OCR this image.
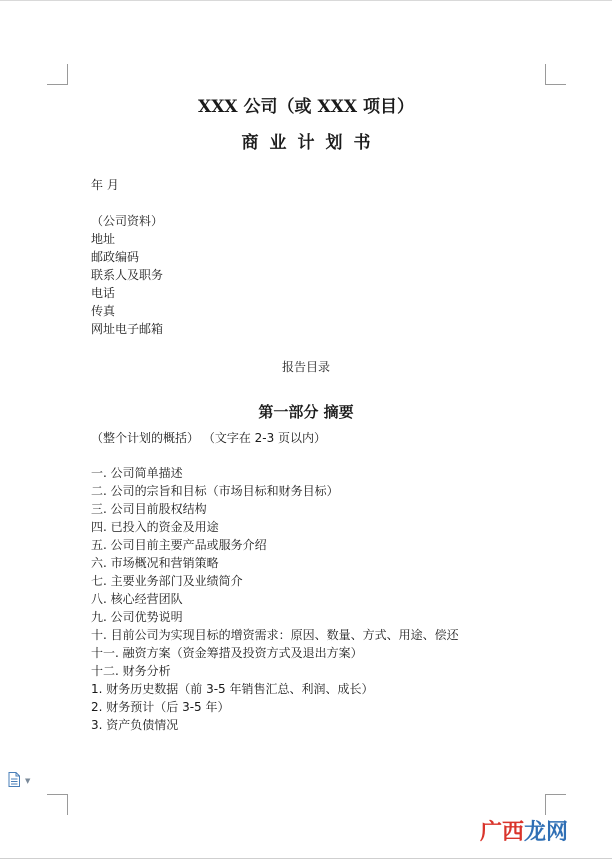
XXX 公司（或 XXX 项目）
商业计划书
年 月
（公司资料）
地址
邮政编码
联系人及职务
电话
传真
网址电子邮箱
报告目录
第一部分 摘要
（整个计划的概括） （文字在 2-3 页以内）
一. 公司简单描述
二. 公司的宗旨和目标（市场目标和财务目标）
三. 公司目前股权结构
四. 已投入的资金及用途
五. 公司目前主要产品或服务介绍
六. 市场概况和营销策略
七. 主要业务部门及业绩简介
八. 核心经营团队
九. 公司优势说明
十. 目前公司为实现目标的增资需求：原因、数量、方式、用途、偿还
十一. 融资方案（资金筹措及投资方式及退出方案）
十二. 财务分析
1. 财务历史数据（前 3-5 年销售汇总、利润、成长）
2. 财务预计（后 3-5 年）
3. 资产负债情况
▼
广西龙网
